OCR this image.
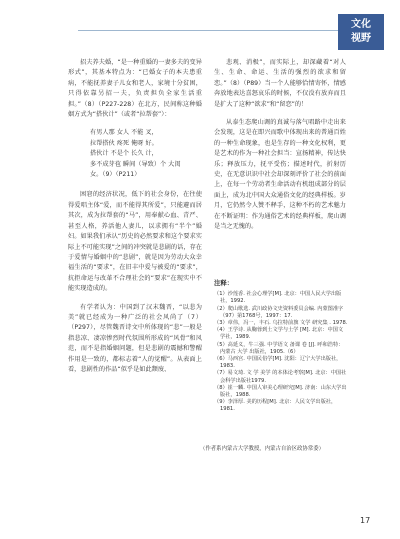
文化
视野

招夫养夫婚，“是一种重婚的一妻多夫的变异形式”，其基本特点为：“已婚女子的本夫患重病，不能抚养妻子儿女和老人，家境十分贫困，只得依靠另招一夫，负责担负全家生活重担。”（8）（P227-228）在北方，民间称这种婚姻方式为“搭伙计”（或者“拉帮套”）：

有男人那 女人 不能 叉，
拉帮搭伙 疼死 俺呀 好。
搭伙计 不是个 长久 计，
多不成芽苞 瞬间（导致）个 大闺
女。（9）（P211）

困窘的经济状况，低下的社会身份，在往使得爱唱主体“爱，而不能得其所爱”，只能避而居其次，成为拉帮套的“马”，用奉献心血、青严、甚至人格，养活他人妻儿，以求拥有“半个”婚妇。如果我们承认“历史的必然要求和这个要求实际上不可能实现”之间的冲突就是悲剧的话，存在于爱情与婚姻中的“悲剧”，就是因为劳动大众幸福生活的“要求”，在旧丰中爱与被爱的“要求”，抗拒命运与改革不合理社会的“要求”在现实中不能实现造成的。

有学者认为：中国到了汉末魏晋，“以悲为美”就已经成为一种广泛的社会风尚了（7）（P297），尽管魏晋诗文中所体现的“悲”一般是指悲凉、凄凉惨烈时代氛围所形成的“风骨”和风范，而不是指婚姻问题，但是悲剧的震撼和警醒作用是一致的，都标志着“人的觉醒”。从表面上看，悲剧性的作品“似乎是如此颓废、

悲观、消极”，而实际上，却深藏着“对人生、生命、命运、生活的强烈的欲求和留恋。”（8）（P89）当一个人能够恰情寄怀，情感奔放地表达喜怒哀乐的时候，不仅没有放弃而且是扩大了这种“欲求”和“留恋”的！

从泰生态爬山调的真诚与落气唱路中走出来会发现，这是在即兴而歌中体现出来的普通百姓的一种生命现象，也是生存的一种文化权利，更是艺术的作为一种社会担当：宣扬精神，传达快乐；释放压力，抚平受伤；描述时代，折射历史，在无意识识中社会却深刻评价了社会的前面上，在每一个劳动者生命活动有机组成部分的层面上，成为北中国大众通俗文化的经典样板。岁月，它仍然令人赞不释手，这种不朽的艺术魅力在不断证明：作为通俗艺术的经典样板，爬山调是当之无愧的。

注释：
（1）沙莲香. 社会心理学[M]. 北京：中国人民大学出版社，1992.
（2）爬山歌选. 武川政协文史资料委员会编. 内蒙图准字（97）第1768号，1997：17.
（3）章伟，冯一，丰石. 乌拉特前旗 文学 研究集 . 1978.
（4）王学诗. 从鞠蓉到土文学与土学 [M]. 北京：中国文学社，1989.
（5）高延义，牛三强. 中学语文 备课 卷 [J]. 呼和浩特：内蒙古 大学 出版社，1905.（6）
（6）马西宫. 中国民俗学[M]. 沈阳：辽宁大学出版社，1983.
（7）易文琦. 文 学 美学 的本体论考察[M]. 北京：中国社会科学出版社1979.
（8）崔一麟. 中国人审美心理研究[M]. 济南：山东大学出版社，1988.
（9）李泽厚. 美的历程[M]. 北京：人民文学出版社，1981.
（作者系内蒙古大学教授，内蒙古自治区政协常委）
17
